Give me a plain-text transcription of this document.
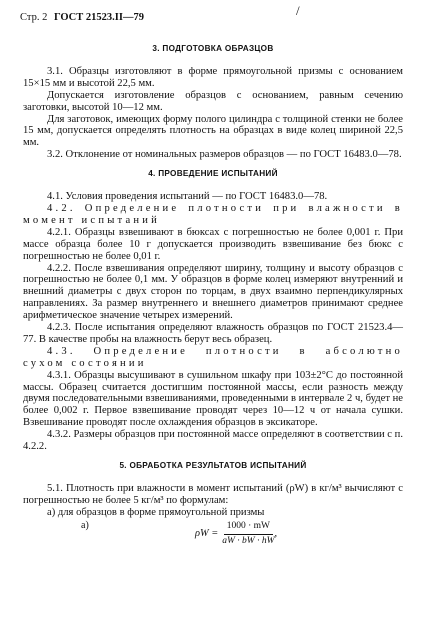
Стр. 2 ГОСТ 21523.II—79	/
3. ПОДГОТОВКА ОБРАЗЦОВ

3.1. Образцы изготовляют в форме прямоугольной призмы с основанием 15×15 мм и высотой 22,5 мм.

Допускается изготовление образцов с основанием, равным сечению заготовки, высотой 10—12 мм.

Для заготовок, имеющих форму полого цилиндра с толщиной стенки не более 15 мм, допускается определять плотность на образцах в виде колец шириной 22,5 мм.

3.2. Отклонение от номинальных размеров образцов — по ГОСТ 16483.0—78.

4. ПРОВЕДЕНИЕ ИСПЫТАНИЙ

4.1. Условия проведения испытаний — по ГОСТ 16483.0—78.

4.2. Определение плотности при влажности в момент испытаний

4.2.1. Образцы взвешивают в бюксах с погрешностью не более 0,001 г. При массе образца более 10 г допускается производить взвешивание без бюкс с погрешностью не более 0,01 г.

4.2.2. После взвешивания определяют ширину, толщину и высоту образцов с погрешностью не более 0,1 мм. У образцов в форме колец измеряют внутренний и внешний диаметры с двух сторон по торцам, в двух взаимно перпендикулярных направлениях. За размер внутреннего и внешнего диаметров принимают среднее арифметическое значение четырех измерений.

4.2.3. После испытания определяют влажность образцов по ГОСТ 21523.4—77. В качестве пробы на влажность берут весь образец.

4.3. Определение плотности в абсолютно сухом состоянии

4.3.1. Образцы высушивают в сушильном шкафу при 103±2°C до постоянной массы. Образец считается достигшим постоянной массы, если разность между двумя последовательными взвешиваниями, проведенными в интервале 2 ч, будет не более 0,002 г. Первое взвешивание проводят через 10—12 ч от начала сушки. Взвешивание проводят после охлаждения образцов в эксикаторе.

4.3.2. Размеры образцов при постоянной массе определяют в соответствии с п. 4.2.2.

5. ОБРАБОТКА РЕЗУЛЬТАТОВ ИСПЫТАНИЙ

5.1. Плотность при влажности в момент испытаний (ρW) в кг/м³ вычисляют с погрешностью не более 5 кг/м³ по формулам:

а) для образцов в форме прямоугольной призмы

а)
$\rho W = \frac{1000 \cdot mW}{aW \cdot bW \cdot hW}$ ,
